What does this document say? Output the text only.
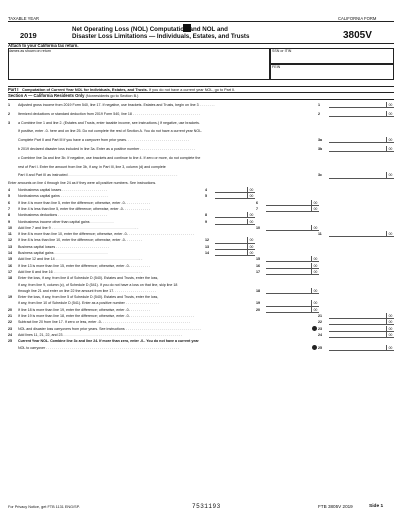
TAXABLE YEAR	CALIFORNIA FORM
2019
Net Operating Loss (NOL) Computation and NOL and
Disaster Loss Limitations — Individuals, Estates, and Trusts	3805V
Attach to your California tax return.
Names as shown on return	SSN or ITIN
FEIN
Part I Computation of Current Year NOL for Individuals, Estates, and Trusts. If you do not have a current year NOL, go to Part II.
Section A — California Residents Only (Nonresidents go to Section B.)
1 Adjusted gross income from 2019 Form 540, line 17. If negative, use brackets. Estates and Trusts, begin on line 3 . . . . . . . .	1	00
2 Itemized deductions or standard deduction from 2019 Form 540, line 18 . . . . . . . . . . . . . . . . . . . . . . . . . . . . . . . . . .	2	00
3 a Combine line 1 and line 2. (Estates and Trusts, enter taxable income, see instructions.) If negative, use brackets.
If positive, enter -0- here and on line 25. Do not complete the rest of Section A. You do not have a current year NOL.
Complete Part II and Part III if you have a carryover from prior years. . . . . . . . . . . . . . . . . . . . . . . . . . . . . . . .	3a	00
b 2019 declared disaster loss included in line 3a. Enter as a positive number . . . . . . . . . . . . . . . . . . . . . . . . . . . .	3b	00
c Combine line 3a and line 3b. If negative, use brackets and continue to line 4. If zero or more, do not complete the
rest of Part I. Enter the amount from line 3b, if any, in Part III, line 3, column (d) and complete
Part II and Part III as instructed . . . . . . . . . . . . . . . . . . . . . . . . . . . . . . . . . . . . . . . . . . . . . . . . . . . . . . .	3c	00
Enter amounts on line 4 through line 24 as if they were all positive numbers. See instructions.
4 Nonbusiness capital losses . . . . . . . . . . . . . . . . . . . . . . .	4	00
5 Nonbusiness capital gains . . . . . . . . . . . . . . . . . . . . . . . .	5	00
6 If line 4 is more than line 5, enter the difference; otherwise, enter -0- . . . . . . . . . . . .	6	00
7 If line 4 is less than line 5, enter the difference; otherwise, enter -0- . . . . . . . . . . . . .	7	00
8 Nonbusiness deductions . . . . . . . . . . . . . . . . . . . . . . . . .	8	00
9 Nonbusiness income other than capital gains . . . . . . . . . . . .	9	00
10 Add line 7 and line 9 . . . . . . . . . . . . . . . . . . . . . . . . . . . . . . . . . . . . . . . . . . . .	10	00
11 If line 8 is more than line 10, enter the difference; otherwise, enter -0- . . . . . . . . . . . . . . . . . . . . . . . . . . . . . . . . .	11	00
12 If line 8 is less than line 10, enter the difference; otherwise, enter -0- . . . . . . . .	12	00
13 Business capital losses . . . . . . . . . . . . . . . . . . . . . . . . . . .	13	00
14 Business capital gains . . . . . . . . . . . . . . . . . . . . . . . . . . .	14	00
15 Add line 12 and line 14 . . . . . . . . . . . . . . . . . . . . . . . . . . . . . . . . . . . . . . . . . . . .	15	00
16 If line 13 is more than line 15, enter the difference; otherwise, enter -0- . . . . . . . . . .	16	00
17 Add line 6 and line 16 . . . . . . . . . . . . . . . . . . . . . . . . . . . . . . . . . . . . . . . . . . . . .	17	00
18 Enter the loss, if any, from line 8 of Schedule D (540). Estates and Trusts, enter the loss,
if any, from line 9, column (c), of Schedule D (541). If you do not have a loss on that line, skip line 18
through line 21 and enter on line 22 the amount from line 17. . . . . . . . . . . . . . . . . . . . . .	18	00
19 Enter the loss, if any, from line 5 of Schedule D (540). Estates and Trusts, enter the loss,
if any, from line 10 of Schedule D (541). Enter as a positive number . . . . . . . . . . . . . . . . .	19	00
20 If line 18 is more than line 19, enter the difference; otherwise, enter -0- . . . . . . . . . .	20	00
21 If line 19 is more than line 18, enter the difference; otherwise, enter -0- . . . . . . . . . . . . . . . . . . . . . . . . . . . . . . . .	21	00
22 Subtract line 20 from line 17. If zero or less, enter -0- . . . . . . . . . . . . . . . . . . . . . . . . . . . . . . . . . . . . . . . . . . . .	22	00
23 NOL and disaster loss carryovers from prior years. See instructions . . . . . . . . . . . . . . . . . . . . . . . . . . . . . . . . . . . . . .	23	00
24 Add lines 11, 21, 22, and 23 . . . . . . . . . . . . . . . . . . . . . . . . . . . . . . . . . . . . . . . . . . . . . . . . . . . . . . . . . . . .	24	00
25 Current Year NOL. Combine line 3c and line 24. If more than zero, enter -0-. You do not have a current year
NOL to carryover . . . . . . . . . . . . . . . . . . . . . . . . . . . . . . . . . . . . . . . . . . . . . . . . . . . . . . . . . . . . . . . . . . .	25	00
For Privacy Notice, get FTB 1131 ENG/SP.	7531193	FTB 3805V 2019	Side 1
